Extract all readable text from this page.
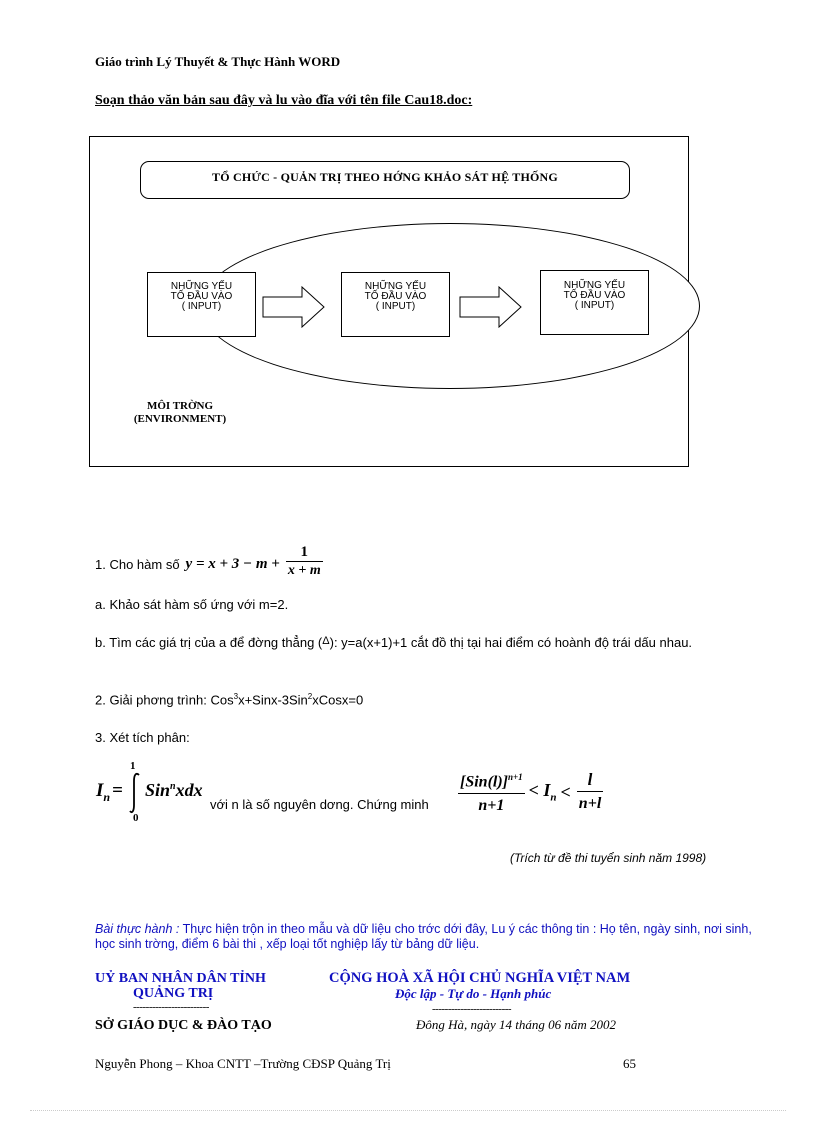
Giáo trình Lý Thuyết & Thực Hành WORD
Soạn thảo văn bản sau đây và lu vào đĩa với tên file Cau18.doc:
TỔ CHỨC - QUẢN TRỊ THEO HỚNG KHẢO SÁT HỆ THỐNG
NHỮNG YẾU
TỐ ĐẦU VÀO
( INPUT)
NHỮNG YẾU
TỐ ĐẦU VÀO
( INPUT)
NHỮNG YẾU
TỐ ĐẦU VÀO
( INPUT)
MÔI TRỜNG
(ENVIRONMENT)
1. Cho hàm số y = x + 3 − m +
1
x + m
a. Khảo sát hàm số ứng với m=2.
b. Tìm các giá trị của a để đờng thẳng ($^\Delta$): y=a(x+1)+1 cắt đồ thị tại hai điểm có hoành độ trái dấu nhau.
2. Giải phơng trình: Cos$^3$x+Sinx-3Sin$^2$xCosx=0
3. Xét tích phân:
$I_n$ =
1
0
Sin$^n$xdx
với n là số nguyên dơng. Chứng minh
$[Sin(l)]^{n+1}$
n+1
< $I_n$ <
l
n+l
(Trích từ đề thi tuyển sinh năm 1998)
Bài thực hành : Thực hiện trộn in theo mẫu và dữ liệu cho trớc dới đây, Lu ý các thông tin : Họ tên, ngày sinh, nơi sinh, học sinh trờng, điểm 6 bài thi , xếp loại tốt nghiệp lấy từ bảng dữ liệu.
UỶ BAN NHÂN DÂN TỈNH
QUẢNG TRỊ
------------------------
CỘNG HOÀ XÃ HỘI CHỦ NGHĨA VIỆT NAM
Độc lập - Tự do - Hạnh phúc
-------------------------
SỞ GIÁO DỤC & ĐÀO TẠO	Đông Hà, ngày 14 tháng 06 năm 2002
Nguyễn Phong – Khoa CNTT –Trường CĐSP Quảng Trị	65
